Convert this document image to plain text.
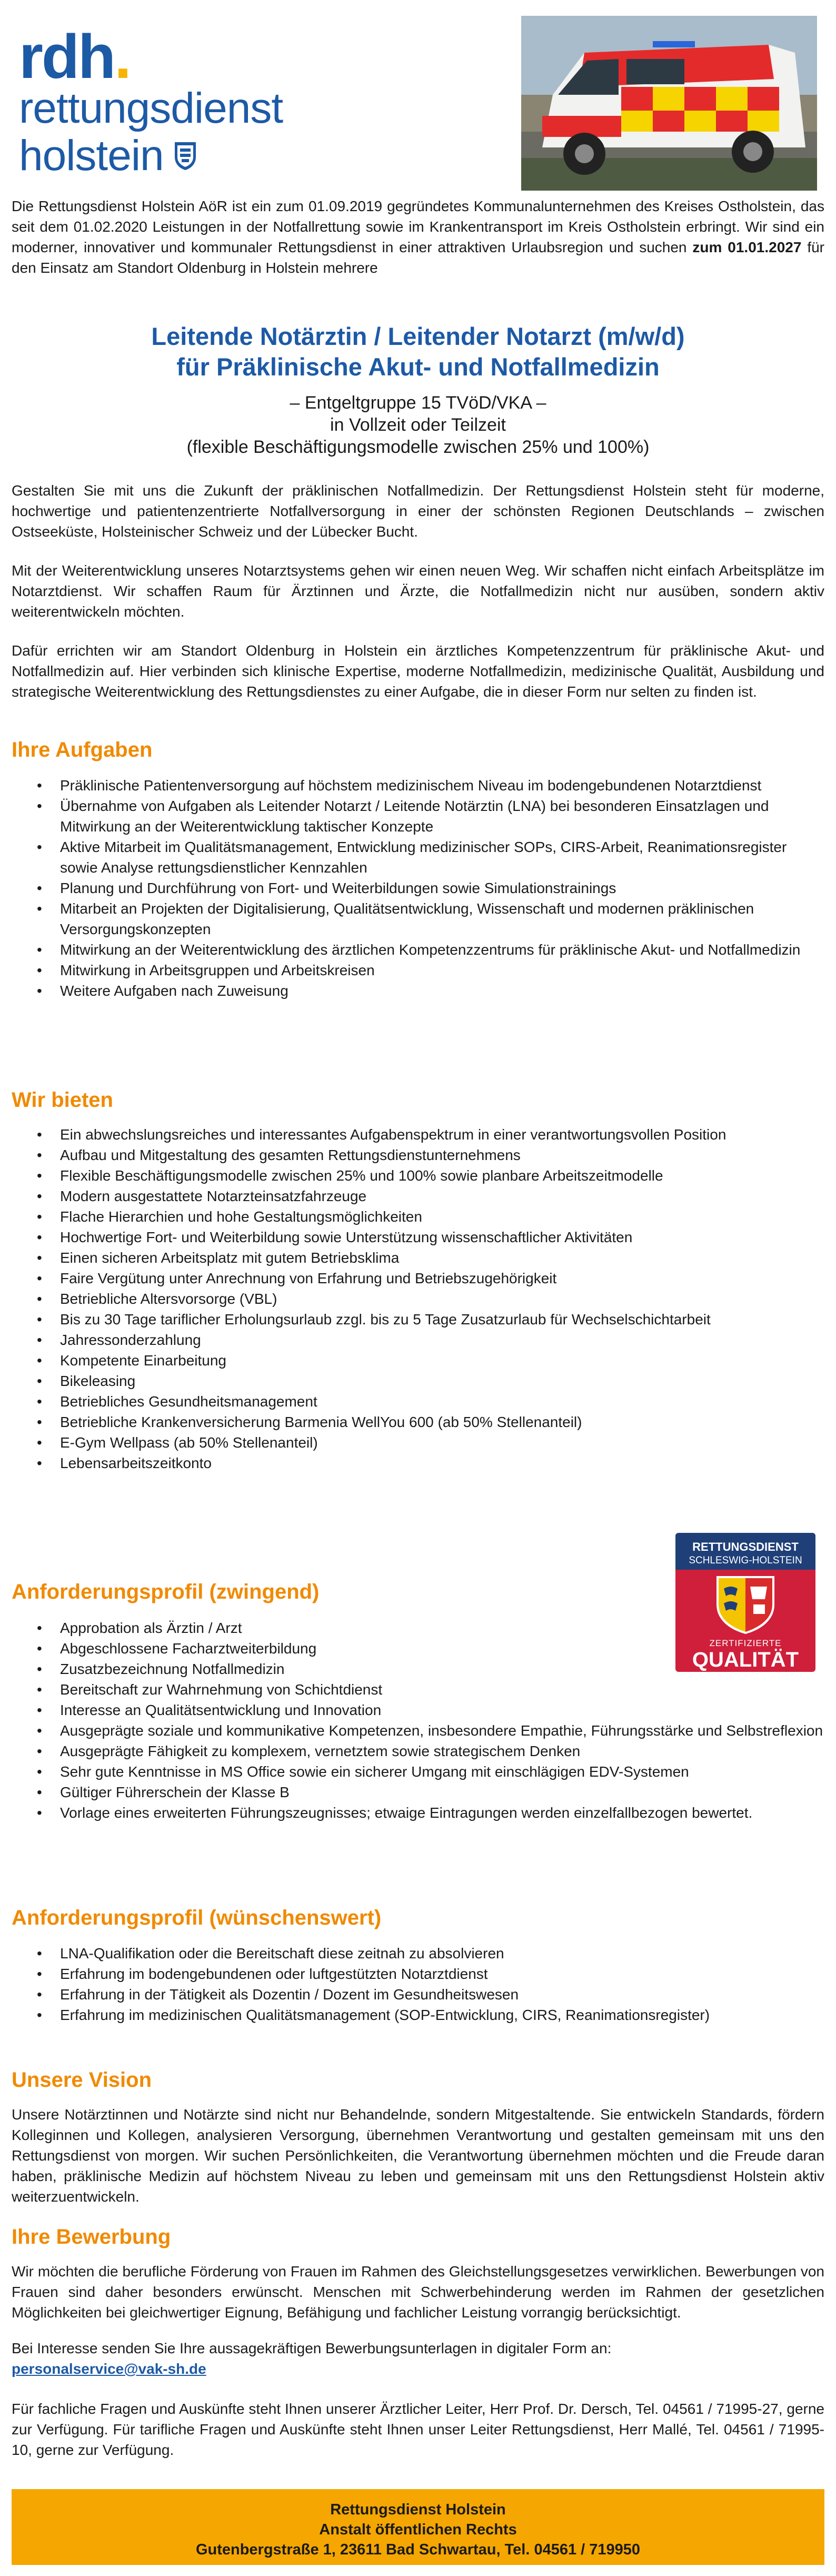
rdh.
rettungsdienst
holstein
Die Rettungsdienst Holstein AöR ist ein zum 01.09.2019 gegründetes Kommunalunternehmen des Kreises Ostholstein, das seit dem 01.02.2020 Leistungen in der Notfallrettung sowie im Krankentransport im Kreis Ostholstein erbringt. Wir sind ein moderner, innovativer und kommunaler Rettungsdienst in einer attraktiven Urlaubsregion und suchen zum 01.01.2027 für den Einsatz am Standort Oldenburg in Holstein mehrere
Leitende Notärztin / Leitender Notarzt (m/w/d)
für Präklinische Akut- und Notfallmedizin
– Entgeltgruppe 15 TVöD/VKA –
in Vollzeit oder Teilzeit
(flexible Beschäftigungsmodelle zwischen 25% und 100%)
Gestalten Sie mit uns die Zukunft der präklinischen Notfallmedizin. Der Rettungsdienst Holstein steht für moderne, hochwertige und patientenzentrierte Notfallversorgung in einer der schönsten Regionen Deutschlands – zwischen Ostseeküste, Holsteinischer Schweiz und der Lübecker Bucht.
Mit der Weiterentwicklung unseres Notarztsystems gehen wir einen neuen Weg. Wir schaffen nicht einfach Arbeitsplätze im Notarztdienst. Wir schaffen Raum für Ärztinnen und Ärzte, die Notfallmedizin nicht nur ausüben, sondern aktiv weiterentwickeln möchten.
Dafür errichten wir am Standort Oldenburg in Holstein ein ärztliches Kompetenzzentrum für präklinische Akut- und Notfallmedizin auf. Hier verbinden sich klinische Expertise, moderne Notfallmedizin, medizinische Qualität, Ausbildung und strategische Weiterentwicklung des Rettungsdienstes zu einer Aufgabe, die in dieser Form nur selten zu finden ist.
Ihre Aufgaben
• Präklinische Patientenversorgung auf höchstem medizinischem Niveau im bodengebundenen Notarztdienst
• Übernahme von Aufgaben als Leitender Notarzt / Leitende Notärztin (LNA) bei besonderen Einsatzlagen und Mitwirkung an der Weiterentwicklung taktischer Konzepte
• Aktive Mitarbeit im Qualitätsmanagement, Entwicklung medizinischer SOPs, CIRS-Arbeit, Reanimationsregister sowie Analyse rettungsdienstlicher Kennzahlen
• Planung und Durchführung von Fort- und Weiterbildungen sowie Simulationstrainings
• Mitarbeit an Projekten der Digitalisierung, Qualitätsentwicklung, Wissenschaft und modernen präklinischen Versorgungskonzepten
• Mitwirkung an der Weiterentwicklung des ärztlichen Kompetenzzentrums für präklinische Akut- und Notfallmedizin
• Mitwirkung in Arbeitsgruppen und Arbeitskreisen
• Weitere Aufgaben nach Zuweisung
Wir bieten
• Ein abwechslungsreiches und interessantes Aufgabenspektrum in einer verantwortungsvollen Position
• Aufbau und Mitgestaltung des gesamten Rettungsdienstunternehmens
• Flexible Beschäftigungsmodelle zwischen 25% und 100% sowie planbare Arbeitszeitmodelle
• Modern ausgestattete Notarzteinsatzfahrzeuge
• Flache Hierarchien und hohe Gestaltungsmöglichkeiten
• Hochwertige Fort- und Weiterbildung sowie Unterstützung wissenschaftlicher Aktivitäten
• Einen sicheren Arbeitsplatz mit gutem Betriebsklima
• Faire Vergütung unter Anrechnung von Erfahrung und Betriebszugehörigkeit
• Betriebliche Altersvorsorge (VBL)
• Bis zu 30 Tage tariflicher Erholungsurlaub zzgl. bis zu 5 Tage Zusatzurlaub für Wechselschichtarbeit
• Jahressonderzahlung
• Kompetente Einarbeitung
• Bikeleasing
• Betriebliches Gesundheitsmanagement
• Betriebliche Krankenversicherung Barmenia WellYou 600 (ab 50% Stellenanteil)
• E-Gym Wellpass (ab 50% Stellenanteil)
• Lebensarbeitszeitkonto
RETTUNGSDIENST
SCHLESWIG-HOLSTEIN
ZERTIFIZIERTE
QUALITÄT
Anforderungsprofil (zwingend)
• Approbation als Ärztin / Arzt
• Abgeschlossene Facharztweiterbildung
• Zusatzbezeichnung Notfallmedizin
• Bereitschaft zur Wahrnehmung von Schichtdienst
• Interesse an Qualitätsentwicklung und Innovation
• Ausgeprägte soziale und kommunikative Kompetenzen, insbesondere Empathie, Führungsstärke und Selbstreflexion
• Ausgeprägte Fähigkeit zu komplexem, vernetztem sowie strategischem Denken
• Sehr gute Kenntnisse in MS Office sowie ein sicherer Umgang mit einschlägigen EDV-Systemen
• Gültiger Führerschein der Klasse B
• Vorlage eines erweiterten Führungszeugnisses; etwaige Eintragungen werden einzelfallbezogen bewertet.
Anforderungsprofil (wünschenswert)
• LNA-Qualifikation oder die Bereitschaft diese zeitnah zu absolvieren
• Erfahrung im bodengebundenen oder luftgestützten Notarztdienst
• Erfahrung in der Tätigkeit als Dozentin / Dozent im Gesundheitswesen
• Erfahrung im medizinischen Qualitätsmanagement (SOP-Entwicklung, CIRS, Reanimationsregister)
Unsere Vision
Unsere Notärztinnen und Notärzte sind nicht nur Behandelnde, sondern Mitgestaltende. Sie entwickeln Standards, fördern Kolleginnen und Kollegen, analysieren Versorgung, übernehmen Verantwortung und gestalten gemeinsam mit uns den Rettungsdienst von morgen. Wir suchen Persönlichkeiten, die Verantwortung übernehmen möchten und die Freude daran haben, präklinische Medizin auf höchstem Niveau zu leben und gemeinsam mit uns den Rettungsdienst Holstein aktiv weiterzuentwickeln.
Ihre Bewerbung
Wir möchten die berufliche Förderung von Frauen im Rahmen des Gleichstellungsgesetzes verwirklichen. Bewerbungen von Frauen sind daher besonders erwünscht. Menschen mit Schwerbehinderung werden im Rahmen der gesetzlichen Möglichkeiten bei gleichwertiger Eignung, Befähigung und fachlicher Leistung vorrangig berücksichtigt.
Bei Interesse senden Sie Ihre aussagekräftigen Bewerbungsunterlagen in digitaler Form an:
personalservice@vak-sh.de
Für fachliche Fragen und Auskünfte steht Ihnen unserer Ärztlicher Leiter, Herr Prof. Dr. Dersch, Tel. 04561 / 71995-27, gerne zur Verfügung. Für tarifliche Fragen und Auskünfte steht Ihnen unser Leiter Rettungsdienst, Herr Mallé, Tel. 04561 / 71995-10, gerne zur Verfügung.
Rettungsdienst Holstein
Anstalt öffentlichen Rechts
Gutenbergstraße 1, 23611 Bad Schwartau, Tel. 04561 / 719950
